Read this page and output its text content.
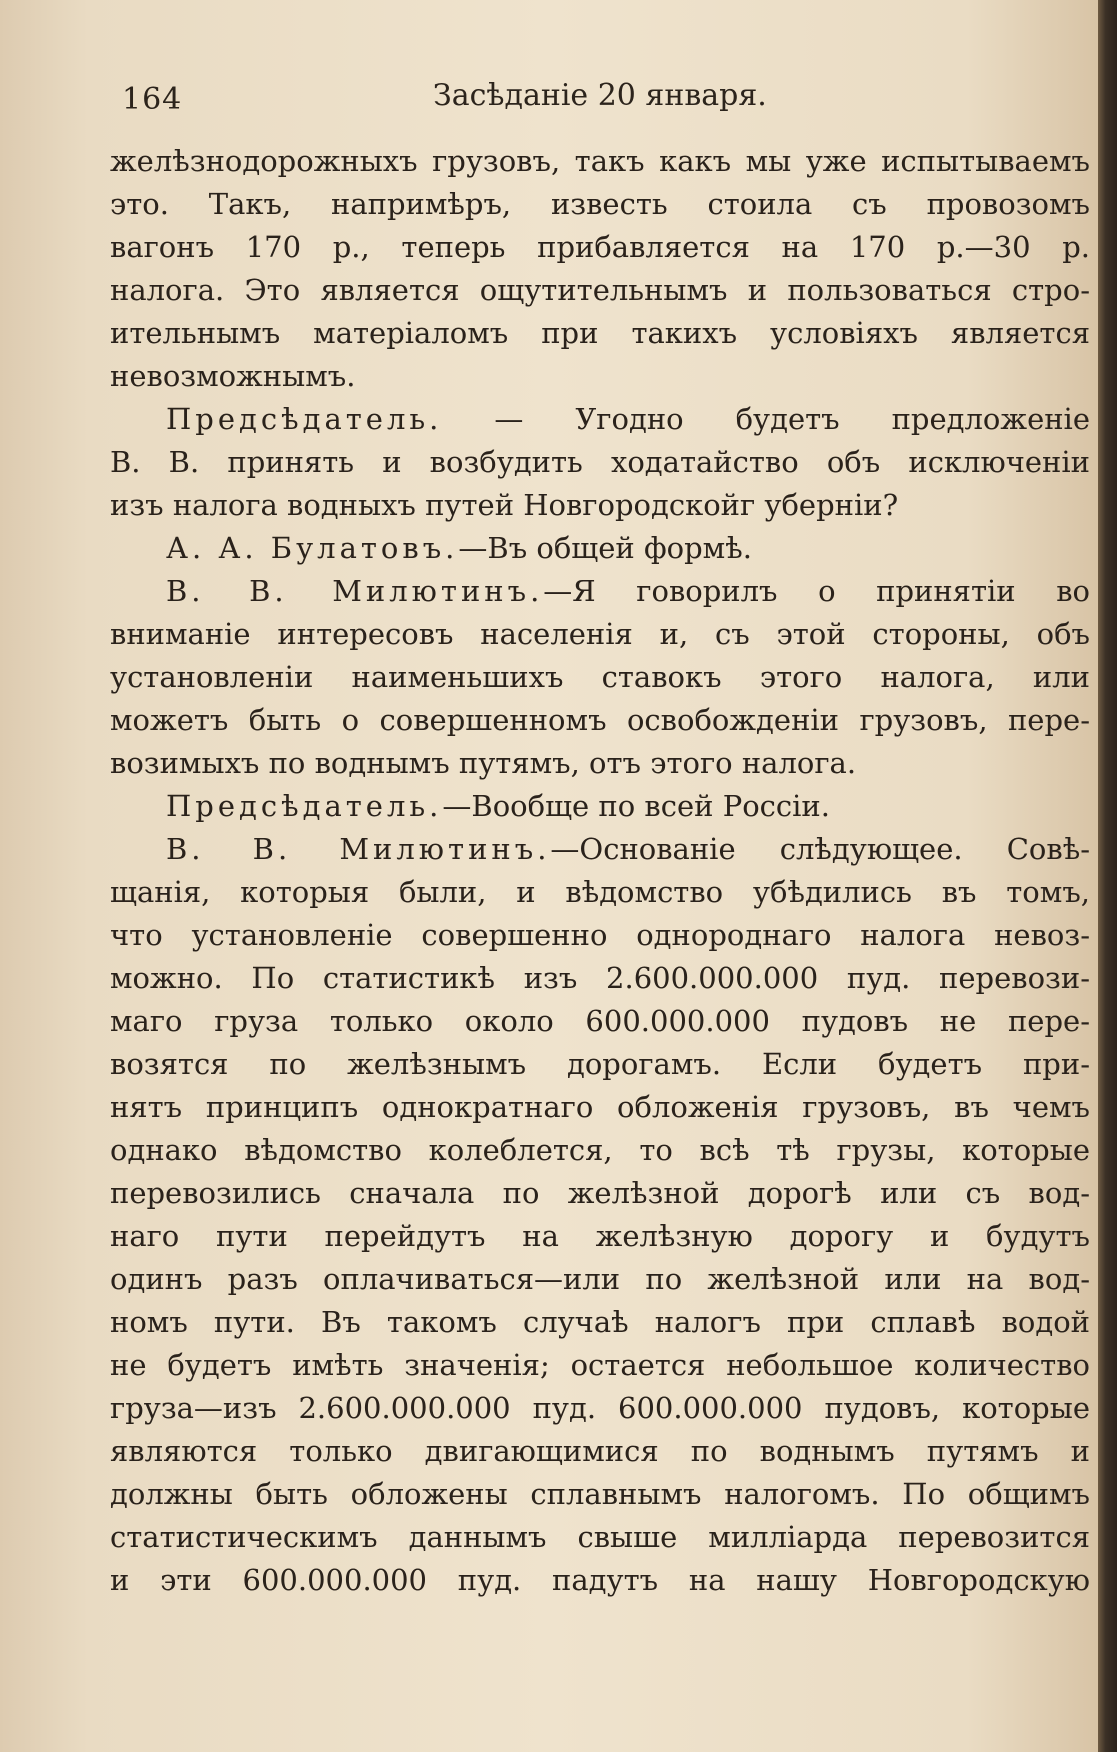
164	Засѣданіе 20 января.
желѣзнодорожныхъ грузовъ, такъ какъ мы уже испытываемъ
это. Такъ, напримѣръ, известь стоила съ провозомъ
вагонъ 170 р., теперь прибавляется на 170 р.—30 р.
налога. Это является ощутительнымъ и пользоваться стро-
ительнымъ матеріаломъ при такихъ условіяхъ является
невозможнымъ.
Предсѣдатель. — Угодно будетъ предложеніе
В. В. принять и возбудить ходатайство объ исключеніи
изъ налога водныхъ путей Новгородскойг уберніи?
А. А. Булатовъ.—Въ общей формѣ.
В. В. Милютинъ.—Я говорилъ о принятіи во
вниманіе интересовъ населенія и, съ этой стороны, объ
установленіи наименьшихъ ставокъ этого налога, или
можетъ быть о совершенномъ освобожденіи грузовъ, пере-
возимыхъ по воднымъ путямъ, отъ этого налога.
Предсѣдатель.—Вообще по всей Россіи.
В. В. Милютинъ.—Основаніе слѣдующее. Совѣ-
щанія, которыя были, и вѣдомство убѣдились въ томъ,
что установленіе совершенно однороднаго налога невоз-
можно. По статистикѣ изъ 2.600.000.000 пуд. перевози-
маго груза только около 600.000.000 пудовъ не пере-
возятся по желѣзнымъ дорогамъ. Если будетъ при-
нятъ принципъ однократнаго обложенія грузовъ, въ чемъ
однако вѣдомство колеблется, то всѣ тѣ грузы, которые
перевозились сначала по желѣзной дорогѣ или съ вод-
наго пути перейдутъ на желѣзную дорогу и будутъ
одинъ разъ оплачиваться—или по желѣзной или на вод-
номъ пути. Въ такомъ случаѣ налогъ при сплавѣ водой
не будетъ имѣть значенія; остается небольшое количество
груза—изъ 2.600.000.000 пуд. 600.000.000 пудовъ, которые
являются только двигающимися по воднымъ путямъ и
должны быть обложены сплавнымъ налогомъ. По общимъ
статистическимъ даннымъ свыше милліарда перевозится
и эти 600.000.000 пуд. падутъ на нашу Новгородскую
